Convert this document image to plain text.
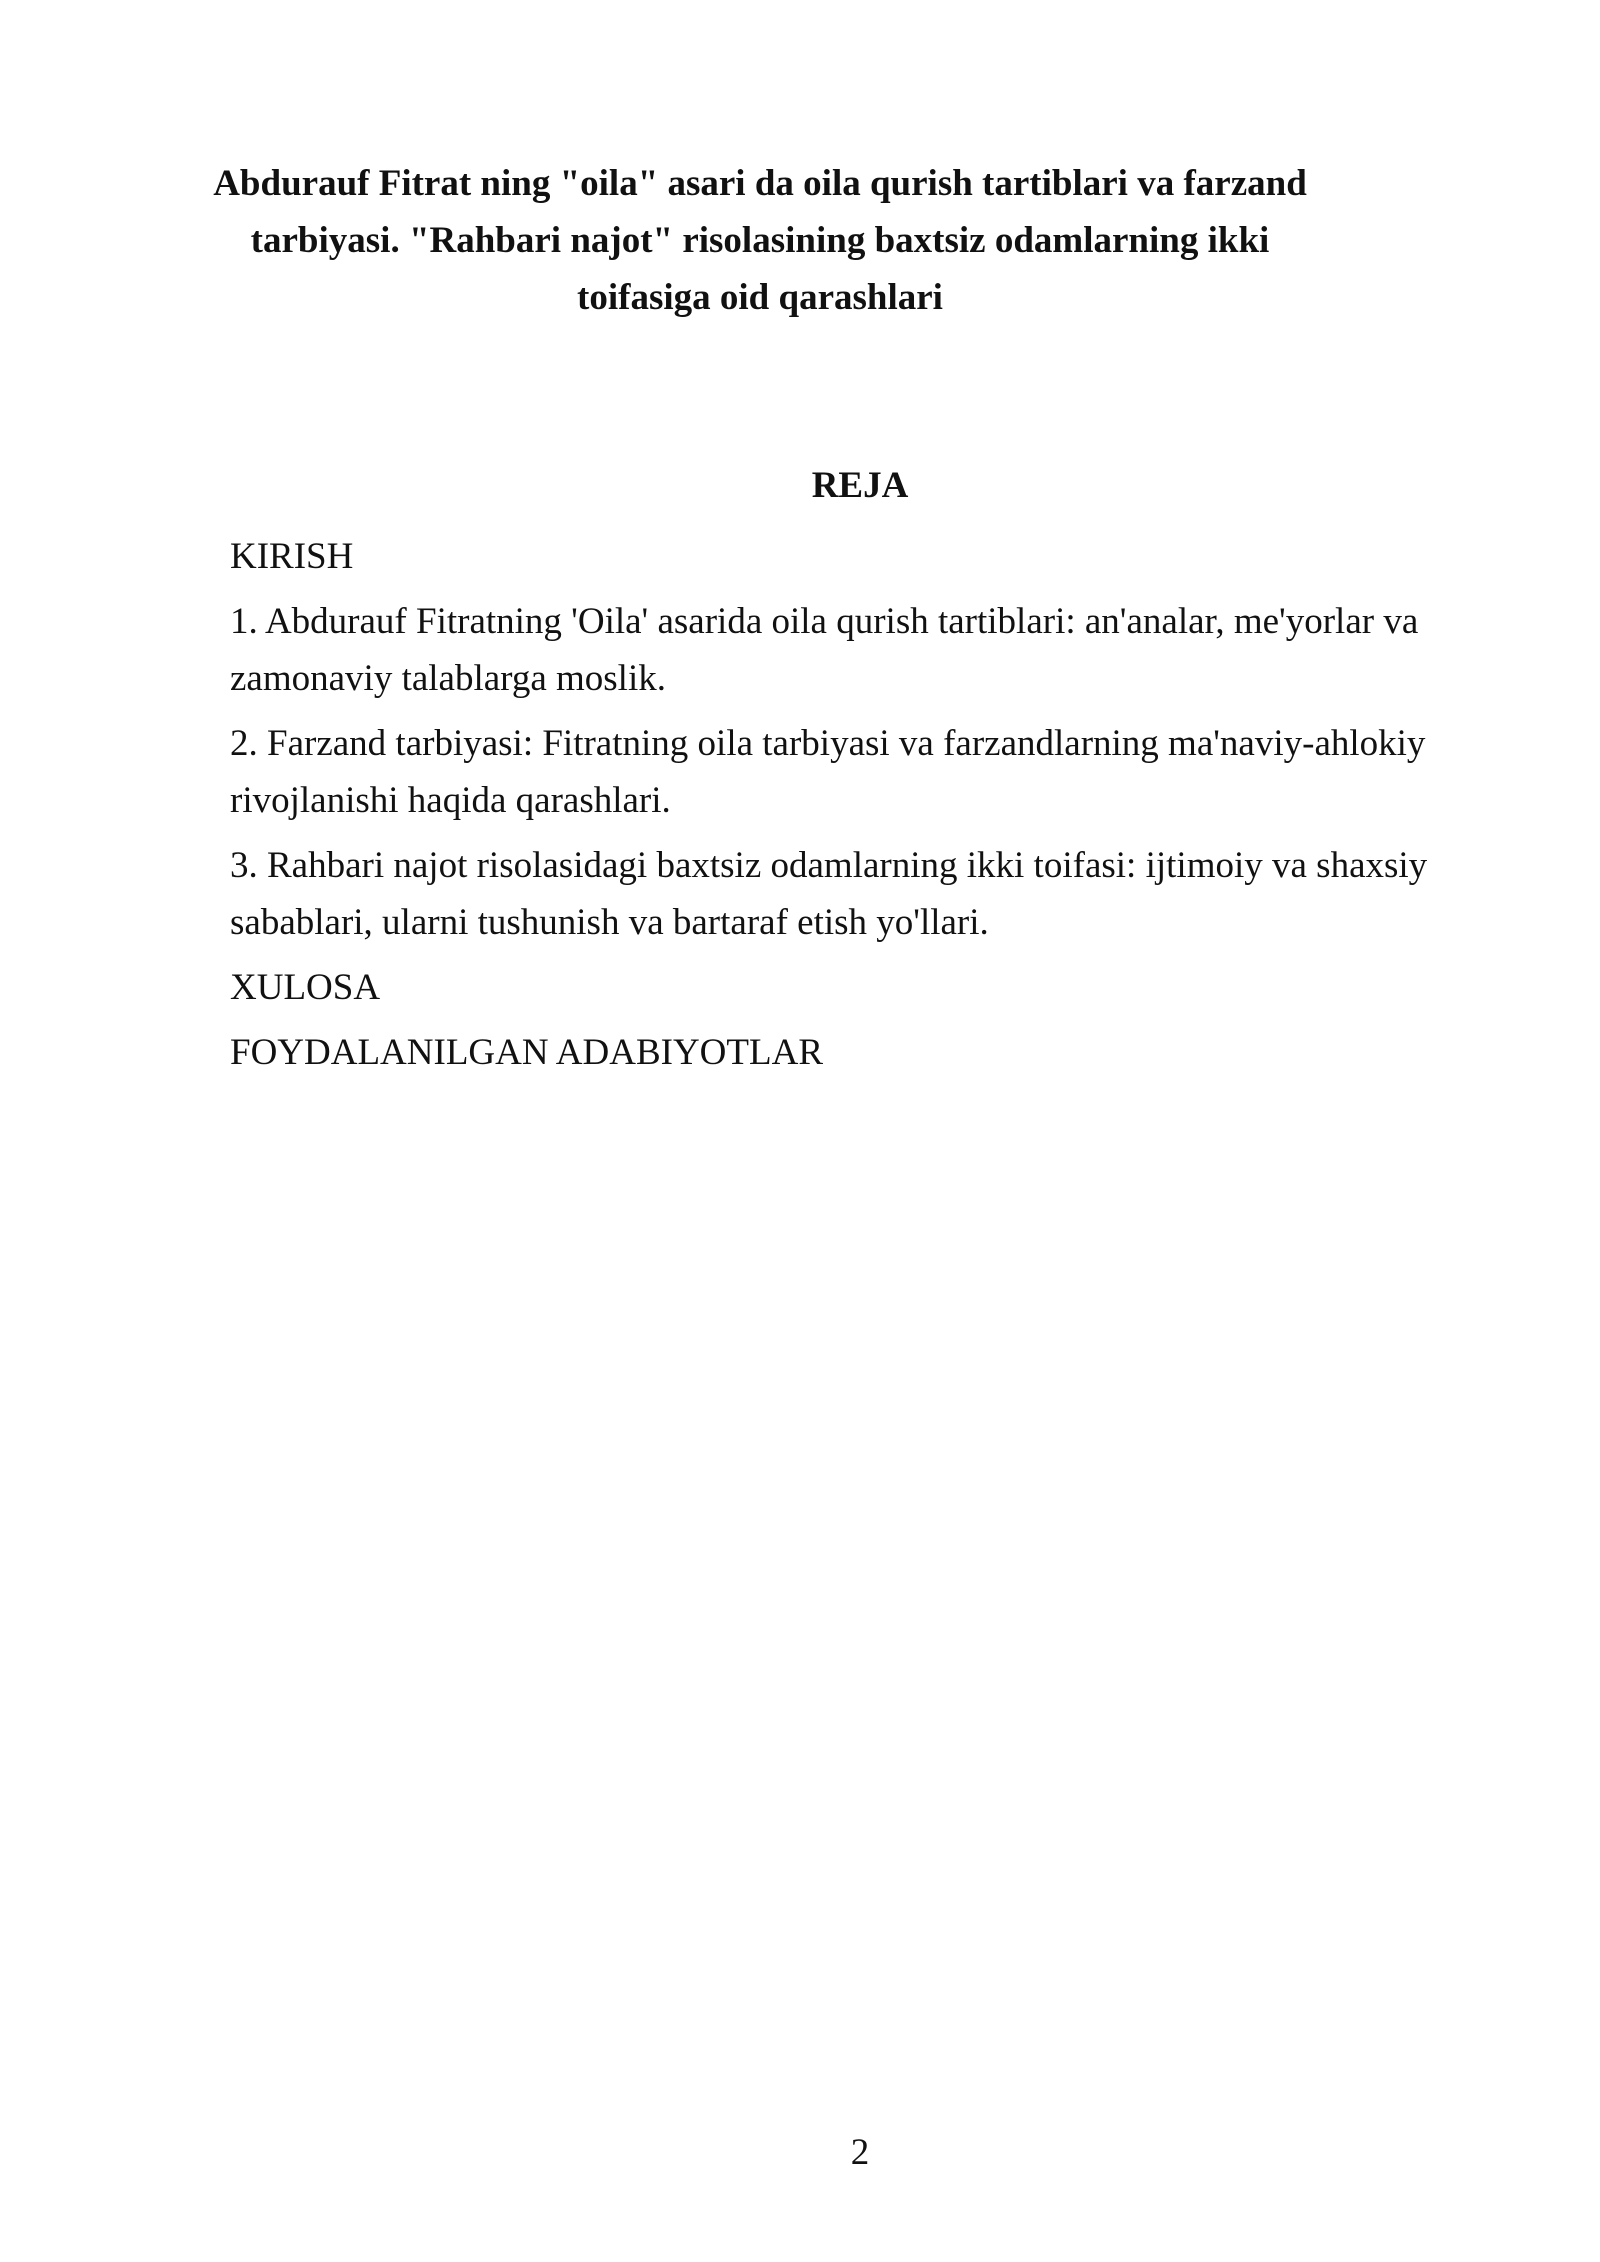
Abdurauf Fitrat ning "oila" asari da oila qurish tartiblari va farzand tarbiyasi. "Rahbari najot" risolasining baxtsiz odamlarning ikki toifasiga oid qarashlari
REJA
KIRISH
1. Abdurauf Fitratning 'Oila' asarida oila qurish tartiblari: an'analar, me'yorlar va zamonaviy talablarga moslik.
2. Farzand tarbiyasi: Fitratning oila tarbiyasi va farzandlarning ma'naviy-ahlokiy rivojlanishi haqida qarashlari.
3. Rahbari najot risolasidagi baxtsiz odamlarning ikki toifasi: ijtimoiy va shaxsiy sabablari, ularni tushunish va bartaraf etish yo'llari.
XULOSA
FOYDALANILGAN ADABIYOTLAR
2
